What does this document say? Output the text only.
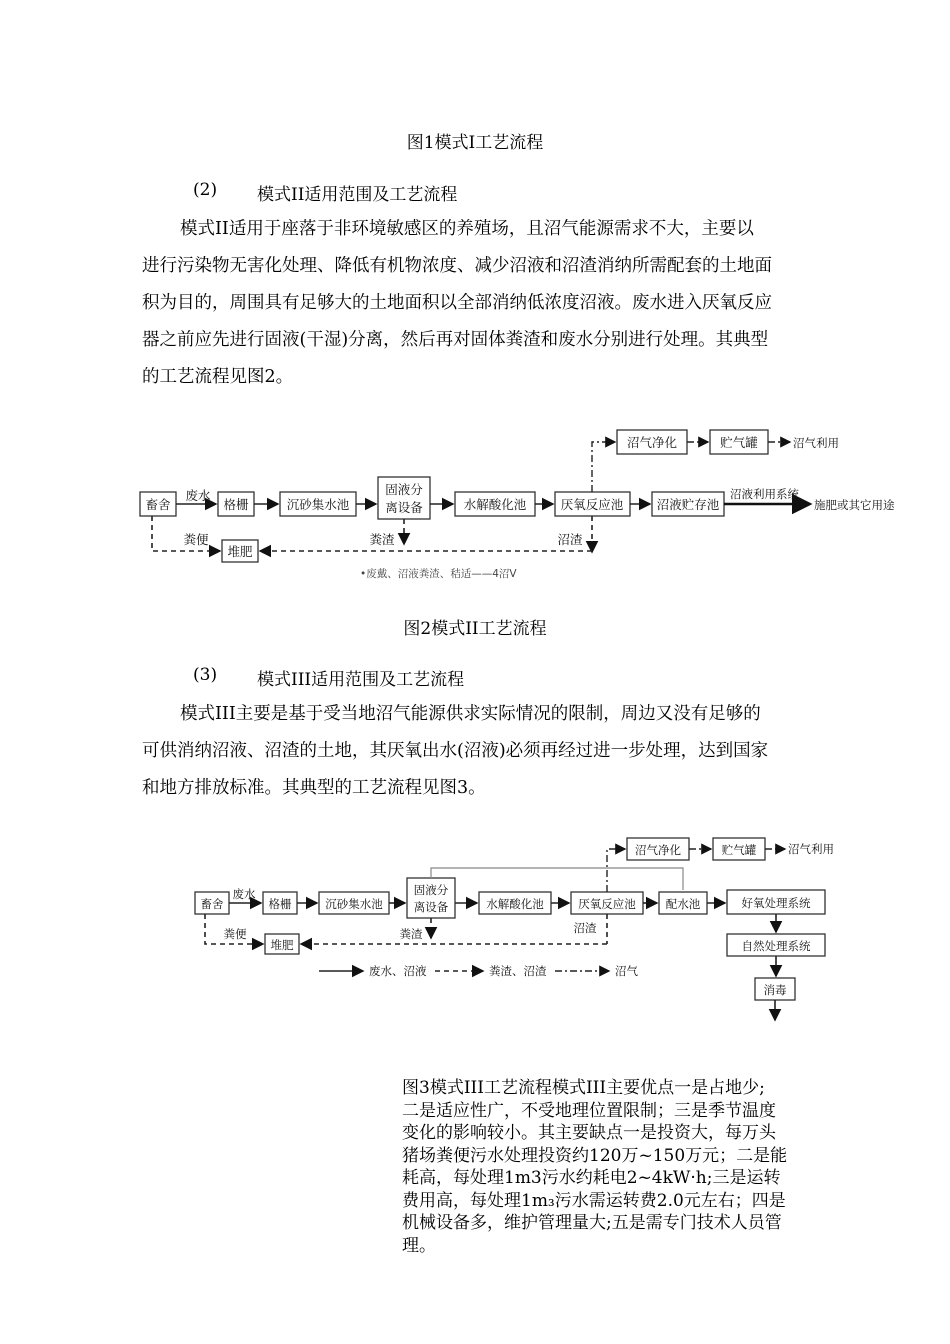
图1模式I工艺流程
(2) 模式II适用范围及工艺流程
模式II适用于座落于非环境敏感区的养殖场，且沼气能源需求不大，主要以
进行污染物无害化处理、降低有机物浓度、减少沼液和沼渣消纳所需配套的土地面
积为目的，周围具有足够大的土地面积以全部消纳低浓度沼液。废水进入厌氧反应
器之前应先进行固液(干湿)分离，然后再对固体粪渣和废水分别进行处理。其典型
的工艺流程见图2。
畜舍	格栅	沉砂集水池
固液分
离设备	水解酸化池	厌氧反应池	沼液贮存池
沼气净化	贮气罐
堆肥
废水	沼液利用系统
施肥或其它用途
沼气利用
粪便	粪渣	沼渣
•废戴、沼液粪渣、秸适——4沼V
图2模式II工艺流程
(3) 模式III适用范围及工艺流程
模式III主要是基于受当地沼气能源供求实际情况的限制，周边又没有足够的
可供消纳沼液、沼渣的土地，其厌氧出水(沼液)必须再经过进一步处理，达到国家
和地方排放标准。其典型的工艺流程见图3。
畜舍	格栅	沉砂集水池
固液分
离设备	水解酸化池	厌氧反应池	配水池	好氧处理系统
自然处理系统
消毒
沼气净化	贮气罐
堆肥
废水
沼气利用
粪便	粪渣	沼渣
废水、沼液	粪渣、沼渣	沼气
图3模式III工艺流程模式III主要优点一是占地少;
二是适应性广，不受地理位置限制；三是季节温度
变化的影响较小。其主要缺点一是投资大，每万头
猪场粪便污水处理投资约120万~150万元；二是能
耗高，每处理1m3污水约耗电2~4kW·h;三是运转
费用高，每处理1m₃污水需运转费2.0元左右；四是
机械设备多，维护管理量大;五是需专门技术人员管
理。
